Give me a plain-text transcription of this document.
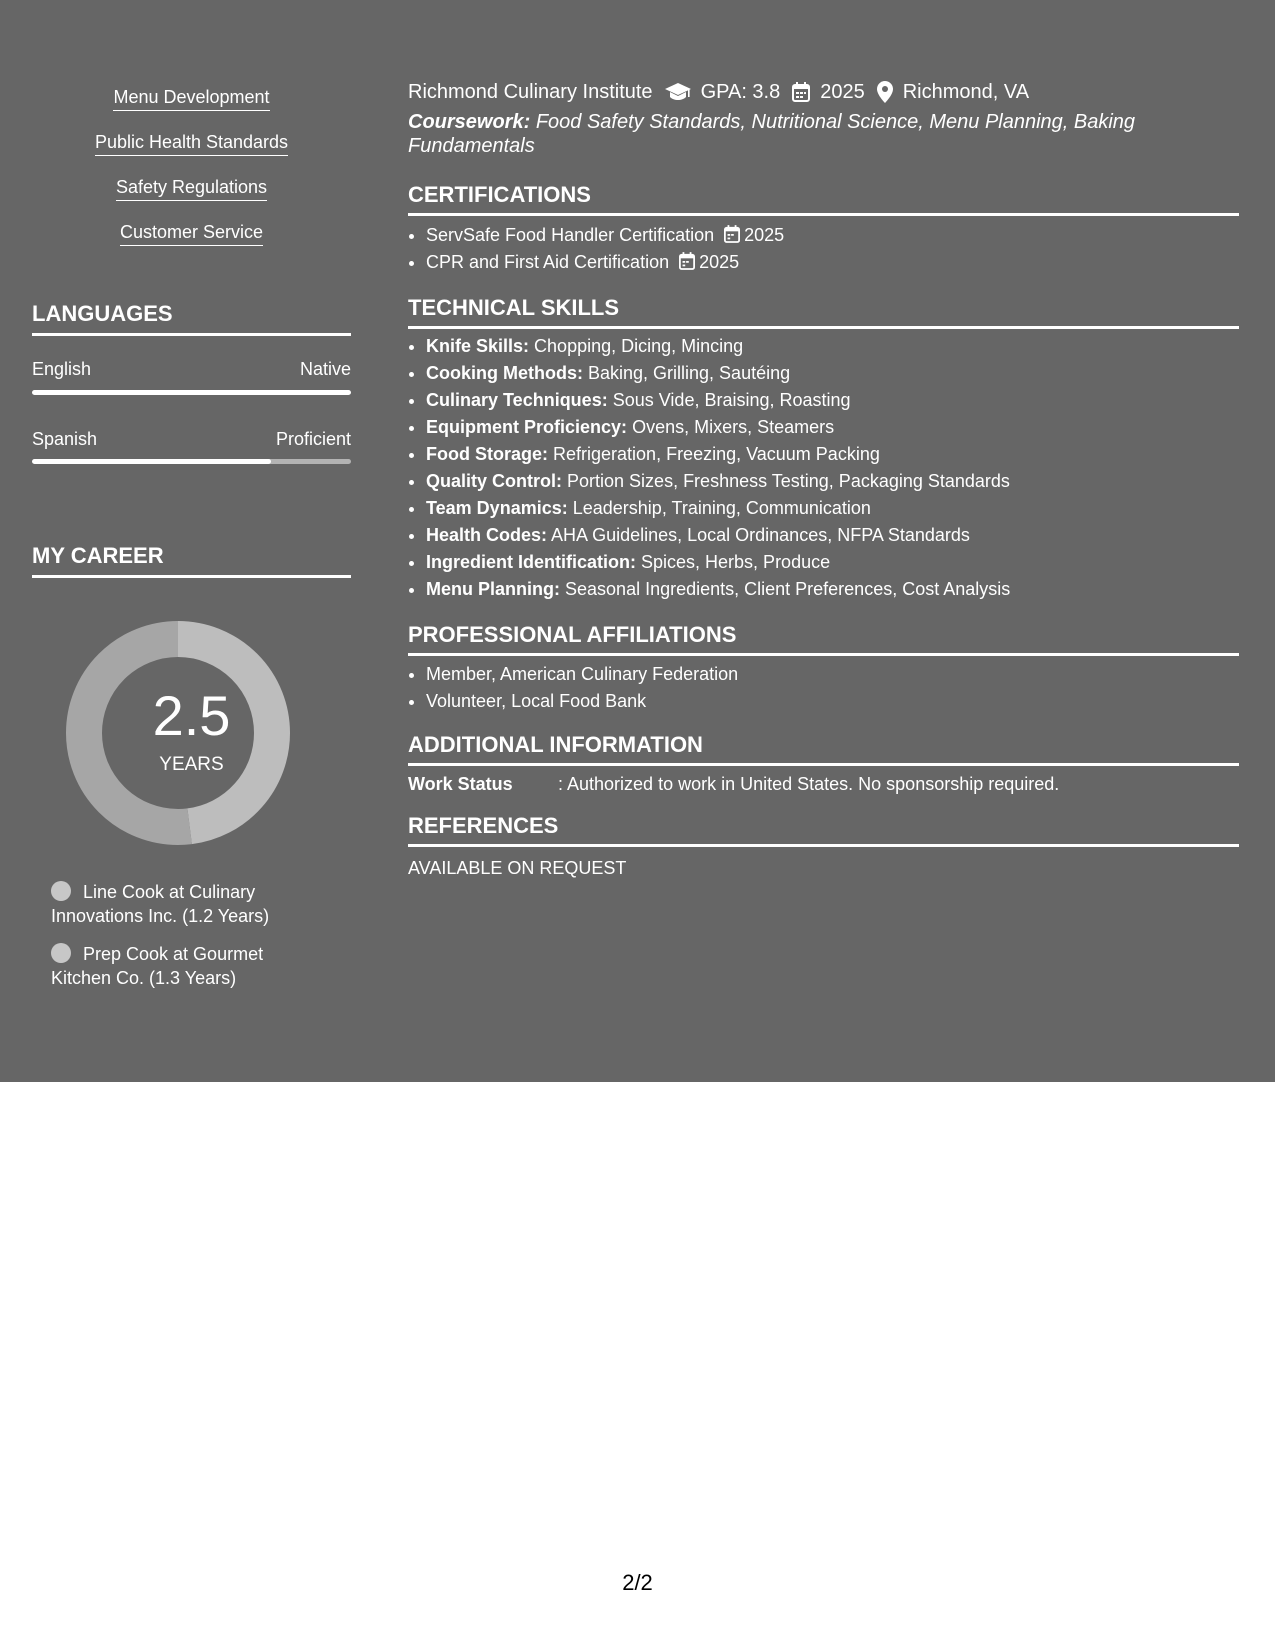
Menu Development
Public Health Standards
Safety Regulations
Customer Service
LANGUAGES
English	Native
Spanish	Proficient
MY CAREER
2.5
YEARS
Line Cook at Culinary Innovations Inc. (1.2 Years)
Prep Cook at Gourmet Kitchen Co. (1.3 Years)
Richmond Culinary Institute GPA: 3.8 2025 Richmond, VA
Coursework: Food Safety Standards, Nutritional Science, Menu Planning, Baking Fundamentals
CERTIFICATIONS
• ServSafe Food Handler Certification 2025
• CPR and First Aid Certification 2025
TECHNICAL SKILLS
• Knife Skills: Chopping, Dicing, Mincing
• Cooking Methods: Baking, Grilling, Sautéing
• Culinary Techniques: Sous Vide, Braising, Roasting
• Equipment Proficiency: Ovens, Mixers, Steamers
• Food Storage: Refrigeration, Freezing, Vacuum Packing
• Quality Control: Portion Sizes, Freshness Testing, Packaging Standards
• Team Dynamics: Leadership, Training, Communication
• Health Codes: AHA Guidelines, Local Ordinances, NFPA Standards
• Ingredient Identification: Spices, Herbs, Produce
• Menu Planning: Seasonal Ingredients, Client Preferences, Cost Analysis
PROFESSIONAL AFFILIATIONS
• Member, American Culinary Federation
• Volunteer, Local Food Bank
ADDITIONAL INFORMATION
Work Status	: Authorized to work in United States. No sponsorship required.
REFERENCES
AVAILABLE ON REQUEST
2/2
